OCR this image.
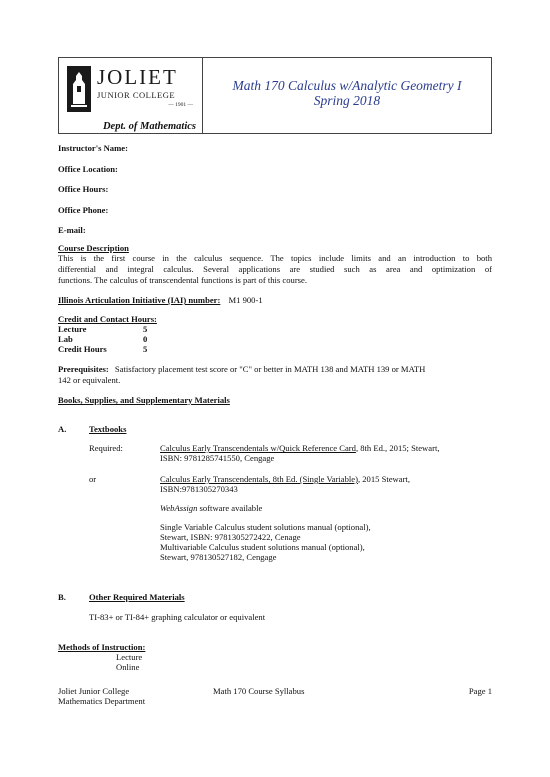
JOLIET
JUNIOR COLLEGE
— 1901 —
Dept. of Mathematics
Math 170 Calculus w/Analytic Geometry I
Spring 2018
Instructor's Name:
Office Location:
Office Hours:
Office Phone:
E-mail:
Course Description
This is the first course in the calculus sequence. The topics include limits and an introduction to both
differential and integral calculus. Several applications are studied such as area and optimization of
functions. The calculus of transcendental functions is part of this course.
Illinois Articulation Initiative (IAI) number: M1 900-1
Credit and Contact Hours:
Lecture	5
Lab	0
Credit Hours	5
Prerequisites: Satisfactory placement test score or "C" or better in MATH 138 and MATH 139 or MATH
142 or equivalent.
Books, Supplies, and Supplementary Materials
A.	Textbooks
Required:	Calculus Early Transcendentals w/Quick Reference Card, 8th Ed., 2015; Stewart,
ISBN: 9781285741550, Cengage
or	Calculus Early Transcendentals, 8th Ed. (Single Variable), 2015 Stewart,
ISBN:9781305270343
WebAssign software available
Single Variable Calculus student solutions manual (optional),
Stewart, ISBN: 9781305272422, Cenage
Multivariable Calculus student solutions manual (optional),
Stewart, 978130527182, Cengage
B.	Other Required Materials
TI-83+ or TI-84+ graphing calculator or equivalent
Methods of Instruction:
Lecture
Online
Joliet Junior College
Mathematics Department
Math 170 Course Syllabus	Page 1
